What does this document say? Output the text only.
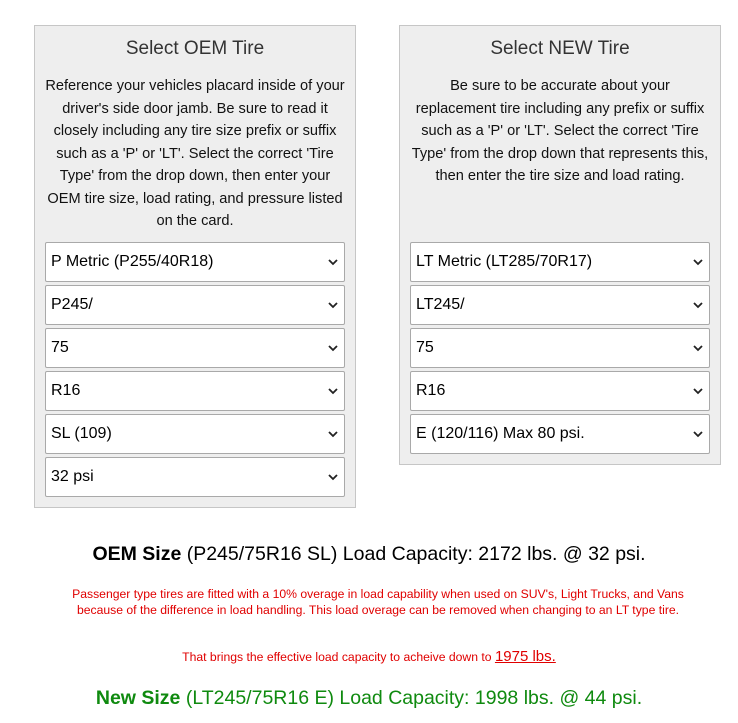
Select OEM Tire
Reference your vehicles placard inside of your driver's side door jamb. Be sure to read it closely including any tire size prefix or suffix such as a 'P' or 'LT'. Select the correct 'Tire Type' from the drop down, then enter your OEM tire size, load rating, and pressure listed on the card.
P Metric (P255/40R18)
P245/
75
R16
SL (109)
32 psi
Select NEW Tire
Be sure to be accurate about your replacement tire including any prefix or suffix such as a 'P' or 'LT'. Select the correct 'Tire Type' from the drop down that represents this, then enter the tire size and load rating.
LT Metric (LT285/70R17)
LT245/
75
R16
E (120/116) Max 80 psi.
OEM Size (P245/75R16 SL) Load Capacity: 2172 lbs. @ 32 psi.
Passenger type tires are fitted with a 10% overage in load capability when used on SUV's, Light Trucks, and Vans because of the difference in load handling. This load overage can be removed when changing to an LT type tire.
That brings the effective load capacity to acheive down to 1975 lbs.
New Size (LT245/75R16 E) Load Capacity: 1998 lbs. @ 44 psi.
